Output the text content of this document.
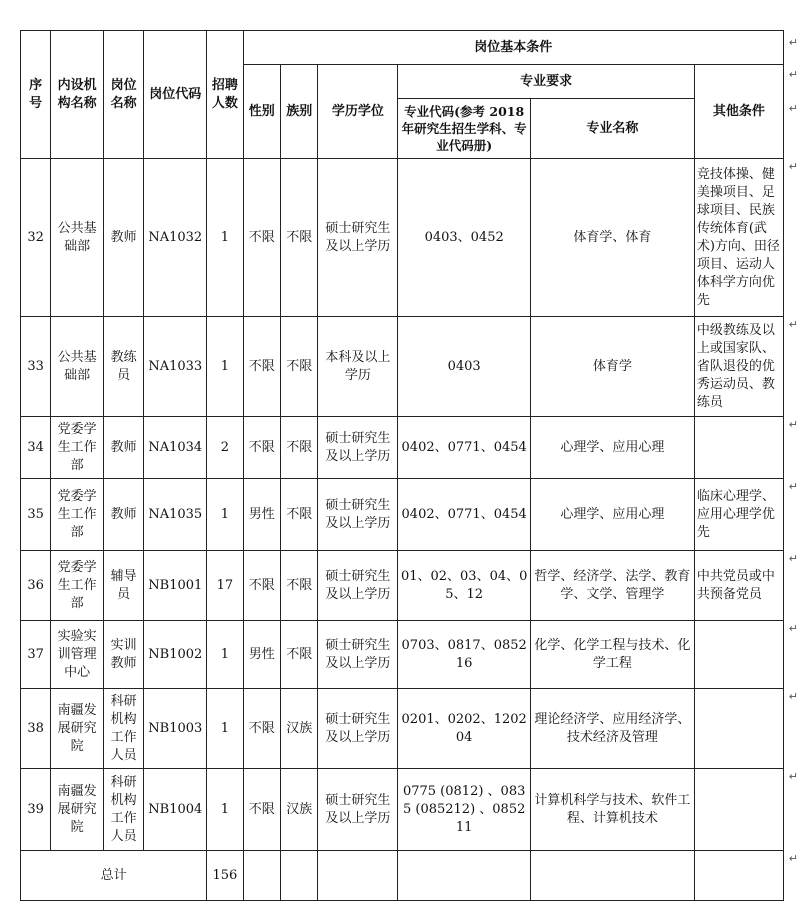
序号	内设机构名称	岗位名称	岗位代码	招聘人数	岗位基本条件					
					性别	族别	学历学位	专业要求		其他条件
								专业代码(参考 2018年研究生招生学科、专业代码册)	专业名称	
32	公共基础部	教师	NA1032	1	不限	不限	硕士研究生及以上学历	0403、0452	体育学、体育	竞技体操、健美操项目、足球项目、民族传统体育(武术)方向、田径项目、运动人体科学方向优先
33	公共基础部	教练员	NA1033	1	不限	不限	本科及以上学历	0403	体育学	中级教练及以上或国家队、省队退役的优秀运动员、教练员
34	党委学生工作部	教师	NA1034	2	不限	不限	硕士研究生及以上学历	0402、0771、0454	心理学、应用心理	
35	党委学生工作部	教师	NA1035	1	男性	不限	硕士研究生及以上学历	0402、0771、0454	心理学、应用心理	临床心理学、应用心理学优先
36	党委学生工作部	辅导员	NB1001	17	不限	不限	硕士研究生及以上学历	01、02、03、04、05、12	哲学、经济学、法学、教育学、文学、管理学	中共党员或中共预备党员
37	实验实训管理中心	实训教师	NB1002	1	男性	不限	硕士研究生及以上学历	0703、0817、085216	化学、化学工程与技术、化学工程	
38	南疆发展研究院	科研机构工作人员	NB1003	1	不限	汉族	硕士研究生及以上学历	0201、0202、120204	理论经济学、应用经济学、技术经济及管理	
39	南疆发展研究院	科研机构工作人员	NB1004	1	不限	汉族	硕士研究生及以上学历	0775 (0812) 、0835 (085212) 、085211	计算机科学与技术、软件工程、计算机技术	
总计				156						
↵
↵
↵
↵
↵
↵
↵
↵
↵
↵
↵
↵
